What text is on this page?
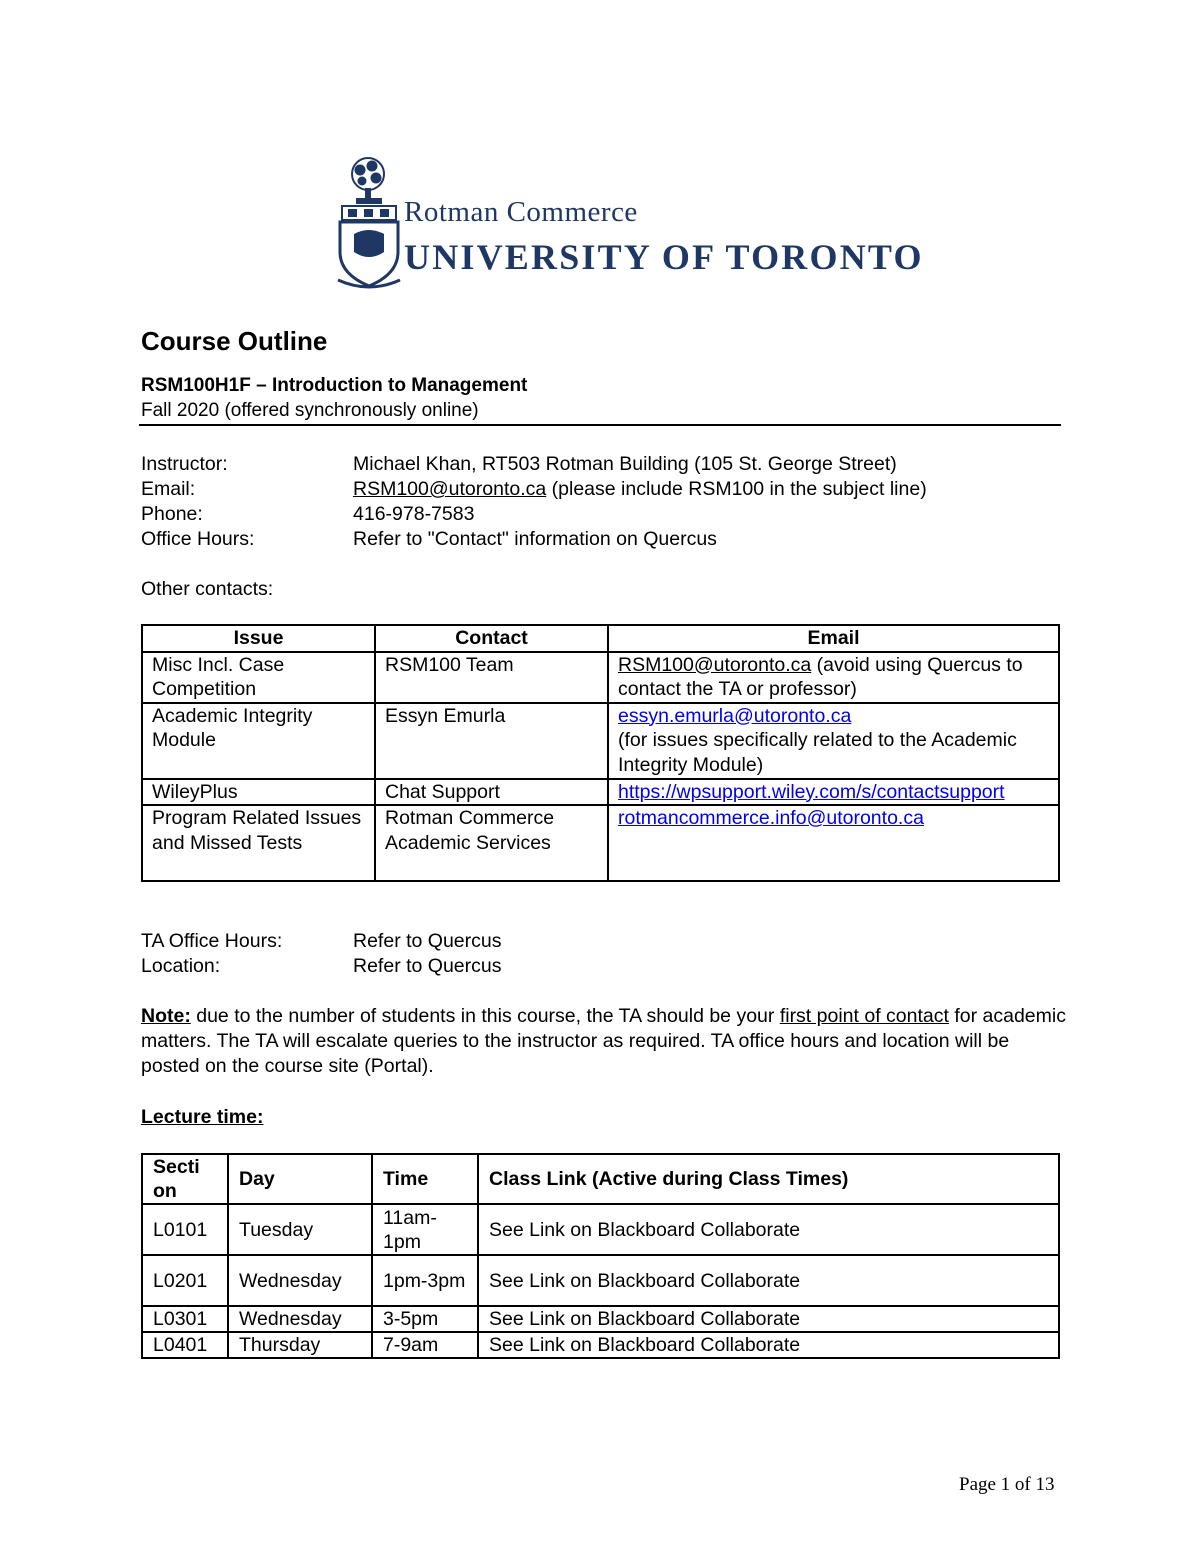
Rotman Commerce
UNIVERSITY OF TORONTO
Course Outline
RSM100H1F – Introduction to Management
Fall 2020 (offered synchronously online)
Instructor:	Michael Khan, RT503 Rotman Building (105 St. George Street)
Email:	RSM100@utoronto.ca (please include RSM100 in the subject line)
Phone:	416-978-7583
Office Hours:	Refer to "Contact" information on Quercus
Other contacts:
Issue	Contact	Email
Misc Incl. Case Competition	RSM100 Team	RSM100@utoronto.ca (avoid using Quercus to contact the TA or professor)
Academic Integrity Module	Essyn Emurla	essyn.emurla@utoronto.ca
(for issues specifically related to the Academic Integrity Module)
WileyPlus	Chat Support	https://wpsupport.wiley.com/s/contactsupport
Program Related Issues and Missed Tests	Rotman Commerce Academic Services	rotmancommerce.info@utoronto.ca
TA Office Hours:	Refer to Quercus
Location:	Refer to Quercus
Note: due to the number of students in this course, the TA should be your first point of contact for academic matters. The TA will escalate queries to the instructor as required. TA office hours and location will be posted on the course site (Portal).
Lecture time:
Secti on	Day	Time	Class Link (Active during Class Times)
L0101	Tuesday	11am-1pm	See Link on Blackboard Collaborate
L0201	Wednesday	1pm-3pm	See Link on Blackboard Collaborate
L0301	Wednesday	3-5pm	See Link on Blackboard Collaborate
L0401	Thursday	7-9am	See Link on Blackboard Collaborate
Page 1 of 13
